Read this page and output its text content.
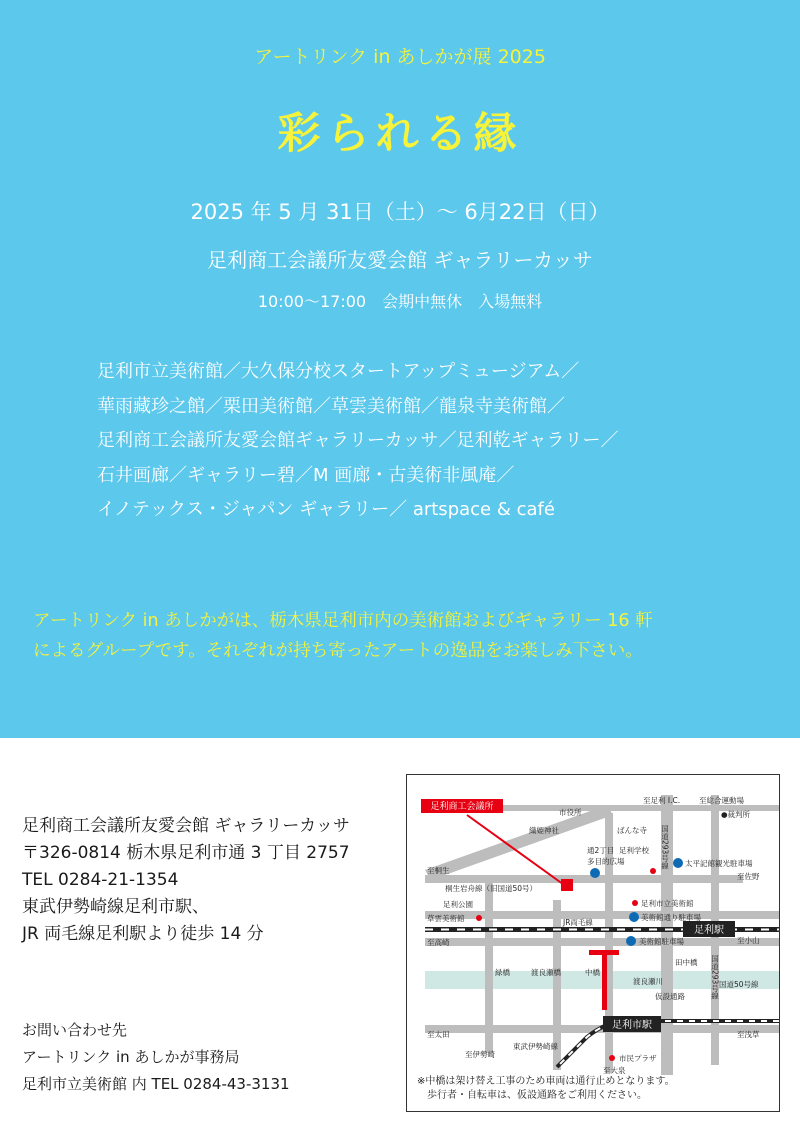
アートリンク in あしかが展 2025
彩られる縁
2025 年 5 月 31日（土）～ 6月22日（日）
足利商工会議所友愛会館 ギャラリーカッサ
10:00～17:00　会期中無休　入場無料
足利市立美術館／大久保分校スタートアップミュージアム／
華雨藏珍之館／栗田美術館／草雲美術館／龍泉寺美術館／
足利商工会議所友愛会館ギャラリーカッサ／足利乾ギャラリー／
石井画廊／ギャラリー碧／M 画廊・古美術非風庵／
イノテックス・ジャパン ギャラリー／ artspace & café
アートリンク in あしかがは、栃木県足利市内の美術館およびギャラリー 16 軒
によるグループです。それぞれが持ち寄ったアートの逸品をお楽しみ下さい。
足利商工会議所友愛会館 ギャラリーカッサ
〒326-0814 栃木県足利市通 3 丁目 2757
TEL 0284-21-1354
東武伊勢崎線足利市駅、
JR 両毛線足利駅より徒歩 14 分
お問い合わせ先
アートリンク in あしかが事務局
足利市立美術館 内 TEL 0284-43-3131
足利商工会議所
足利駅
足利市駅
市役所
織姫神社
至足利 I.C.	至総合運動場
●裁判所
通2丁目
多目的広場
ばんな寺
足利学校
太平記館観光駐車場
至桐生
至佐野
桐生岩舟線（旧国道50号）
足利市立美術館
美術館通り駐車場
足利公園
草雲美術館	JR両毛線
至高崎	至小山
美術館駐車場
緑橋	渡良瀬橋	中橋
田中橋
渡良瀬川
仮設通路
国道50号線
至太田
至伊勢崎
東武伊勢崎線
至浅草
市民プラザ
至大泉
国道293号線
国道293号線
※中橋は架け替え工事のため車両は通行止めとなります。
　歩行者・自転車は、仮設通路をご利用ください。
